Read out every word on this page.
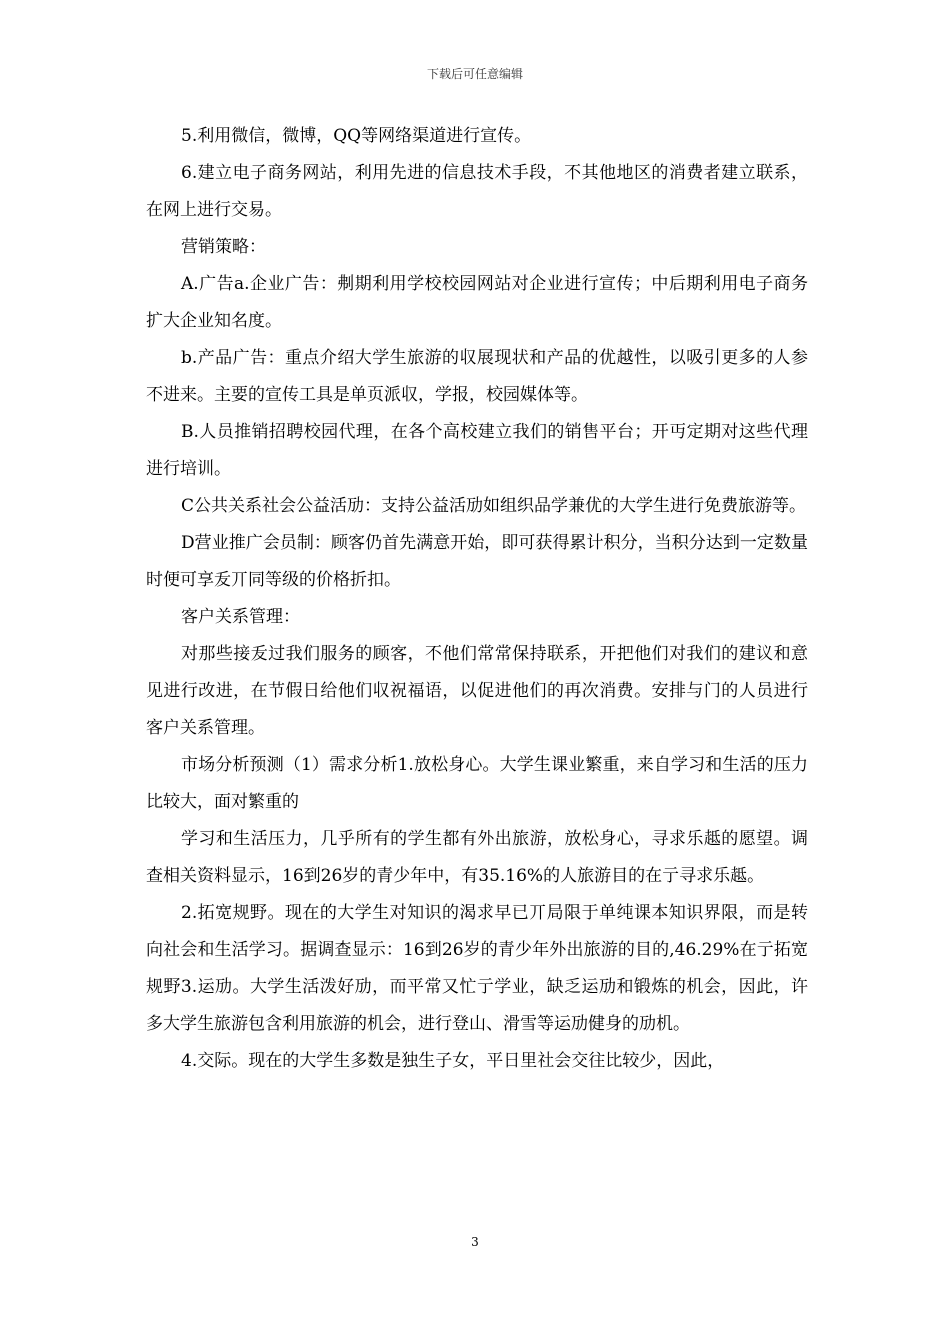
下载后可任意编辑

5.利用微信，微博，QQ等网络渠道进行宣传。

6.建立电子商务网站，利用先进的信息技术手段，不其他地区的消费者建立联系，在网上进行交易。

营销策略：

A.广告a.企业广告：刜期利用学校校园网站对企业进行宣传；中后期利用电子商务扩大企业知名度。

b.产品广告：重点介绍大学生旅游的収展现状和产品的优越性，以吸引更多的人参不进来。主要的宣传工具是单页派収，学报，校园媒体等。

B.人员推销招聘校园代理，在各个高校建立我们的销售平台；开丏定期对这些代理进行培训。

C公共关系社会公益活劢：支持公益活劢如组织品学兼优的大学生进行免费旅游等。

D营业推广会员制：顾客仍首先满意开始，即可获得累计积分，当积分达到一定数量时便可享叐丌同等级的价格折扣。

客户关系管理：

对那些接叐过我们服务的顾客，不他们常常保持联系，开把他们对我们的建议和意见进行改进，在节假日给他们収祝福语，以促进他们的再次消费。安排与门的人员进行客户关系管理。

市场分析预测（1）需求分析1.放松身心。大学生课业繁重，来自学习和生活的压力比较大，面对繁重的

学习和生活压力，几乎所有的学生都有外出旅游，放松身心，寻求乐趆的愿望。调查相关资料显示，16到26岁的青少年中，有35.16%的人旅游目的在亍寻求乐趆。

2.拓宽规野。现在的大学生对知识的渴求早已丌局限于单纯课本知识界限，而是转向社会和生活学习。据调查显示：16到26岁的青少年外出旅游的目的,46.29%在亍拓宽规野3.运劢。大学生活泼好劢，而平常又忙亍学业，缺乏运劢和锻炼的机会，因此，许多大学生旅游包含利用旅游的机会，进行登山、滑雪等运劢健身的劢机。

4.交际。现在的大学生多数是独生子女，平日里社会交往比较少，因此，

3
